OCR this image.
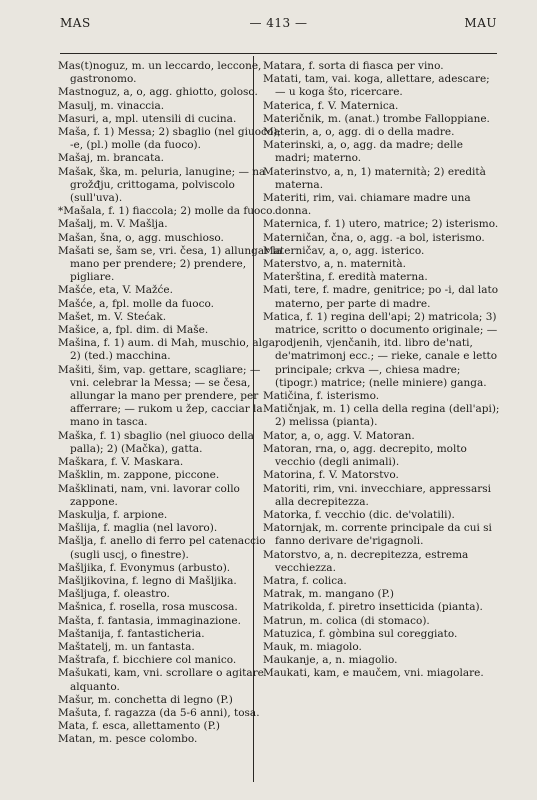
MAS	— 413 —	MAU

Mas(t)noguz, m. un leccardo, leccone, gastronomo.

Mastnoguz, a, o, agg. ghiotto, goloso.

Masulj, m. vinaccia.

Masuri, a, mpl. utensili di cucina.

Maša, f. 1) Messa; 2) sbaglio (nel giuoco); -e, (pl.) molle (da fuoco).

Mašaj, m. brancata.

Mašak, ška, m. peluria, lanugine; — na grožđju, crittogama, polviscolo (sull'uva).

*Mašala, f. 1) fiaccola; 2) molle da fuoco.

Mašalj, m. V. Mašlja.

Mašan, šna, o, agg. muschioso.

Mašati se, šam se, vri. česa, 1) allungar la mano per prendere; 2) prendere, pigliare.

Mašće, eta, V. Mažće.

Mašće, a, fpl. molle da fuoco.

Mašet, m. V. Stećak.

Mašice, a, fpl. dim. di Maše.

Mašina, f. 1) aum. di Mah, muschio, alga; 2) (ted.) macchina.

Mašiti, šim, vap. gettare, scagliare; — vni. celebrar la Messa; — se česa, allungar la mano per prendere, per afferrare; — rukom u žep, cacciar la mano in tasca.

Maška, f. 1) sbaglio (nel giuoco della palla); 2) (Mačka), gatta.

Maškara, f. V. Maskara.

Mašklin, m. zappone, piccone.

Mašklinati, nam, vni. lavorar collo zappone.

Maskulja, f. arpione.

Mašlija, f. maglia (nel lavoro).

Mašlja, f. anello di ferro pel catenaccio (sugli uscj, o finestre).

Mašljika, f. Evonymus (arbusto).

Mašljikovina, f. legno di Mašljika.

Mašljuga, f. oleastro.

Mašnica, f. rosella, rosa muscosa.

Mašta, f. fantasia, immaginazione.

Maštanija, f. fantasticheria.

Maštatelj, m. un fantasta.

Maštrafa, f. bicchiere col manico.

Mašukati, kam, vni. scrollare o agitare alquanto.

Mašur, m. conchetta di legno (P.)

Mašuta, f. ragazza (da 5-6 anni), tosa.

Mata, f. esca, allettamento (P.)

Matan, m. pesce colombo.

Matara, f. sorta di fiasca per vino.

Matati, tam, vai. koga, allettare, adescare; — u koga što, ricercare.

Materica, f. V. Maternica.

Materičnik, m. (anat.) trombe Falloppiane.

Materin, a, o, agg. di o della madre.

Materinski, a, o, agg. da madre; delle madri; materno.

Materinstvo, a, n, 1) maternità; 2) eredità materna.

Materiti, rim, vai. chiamare madre una donna.

Maternica, f. 1) utero, matrice; 2) isterismo.

Materničan, čna, o, agg. -a bol, isterismo.

Materničav, a, o, agg. isterico.

Materstvo, a, n. maternità.

Materština, f. eredità materna.

Mati, tere, f. madre, genitrice; po -i, dal lato materno, per parte di madre.

Matica, f. 1) regina dell'api; 2) matricola; 3) matrice, scritto o documento originale; — rodjenih, vjenčanih, itd. libro de'nati, de'matrimonj ecc.; — rieke, canale e letto principale; crkva —, chiesa madre; (tipogr.) matrice; (nelle miniere) ganga.

Matičina, f. isterismo.

Matičnjak, m. 1) cella della regina (dell'api); 2) melissa (pianta).

Mator, a, o, agg. V. Matoran.

Matoran, rna, o, agg. decrepito, molto vecchio (degli animali).

Matorina, f. V. Matorstvo.

Matoriti, rim, vni. invecchiare, appressarsi alla decrepitezza.

Matorka, f. vecchio (dic. de'volatili).

Matornjak, m. corrente principale da cui si fanno derivare de'rigagnoli.

Matorstvo, a, n. decrepitezza, estrema vecchiezza.

Matra, f. colica.

Matrak, m. mangano (P.)

Matrikolda, f. piretro insetticida (pianta).

Matrun, m. colica (di stomaco).

Matuzica, f. gòmbina sul coreggiato.

Mauk, m. miagolo.

Maukanje, a, n. miagolio.

Maukati, kam, e maučem, vni. miagolare.
